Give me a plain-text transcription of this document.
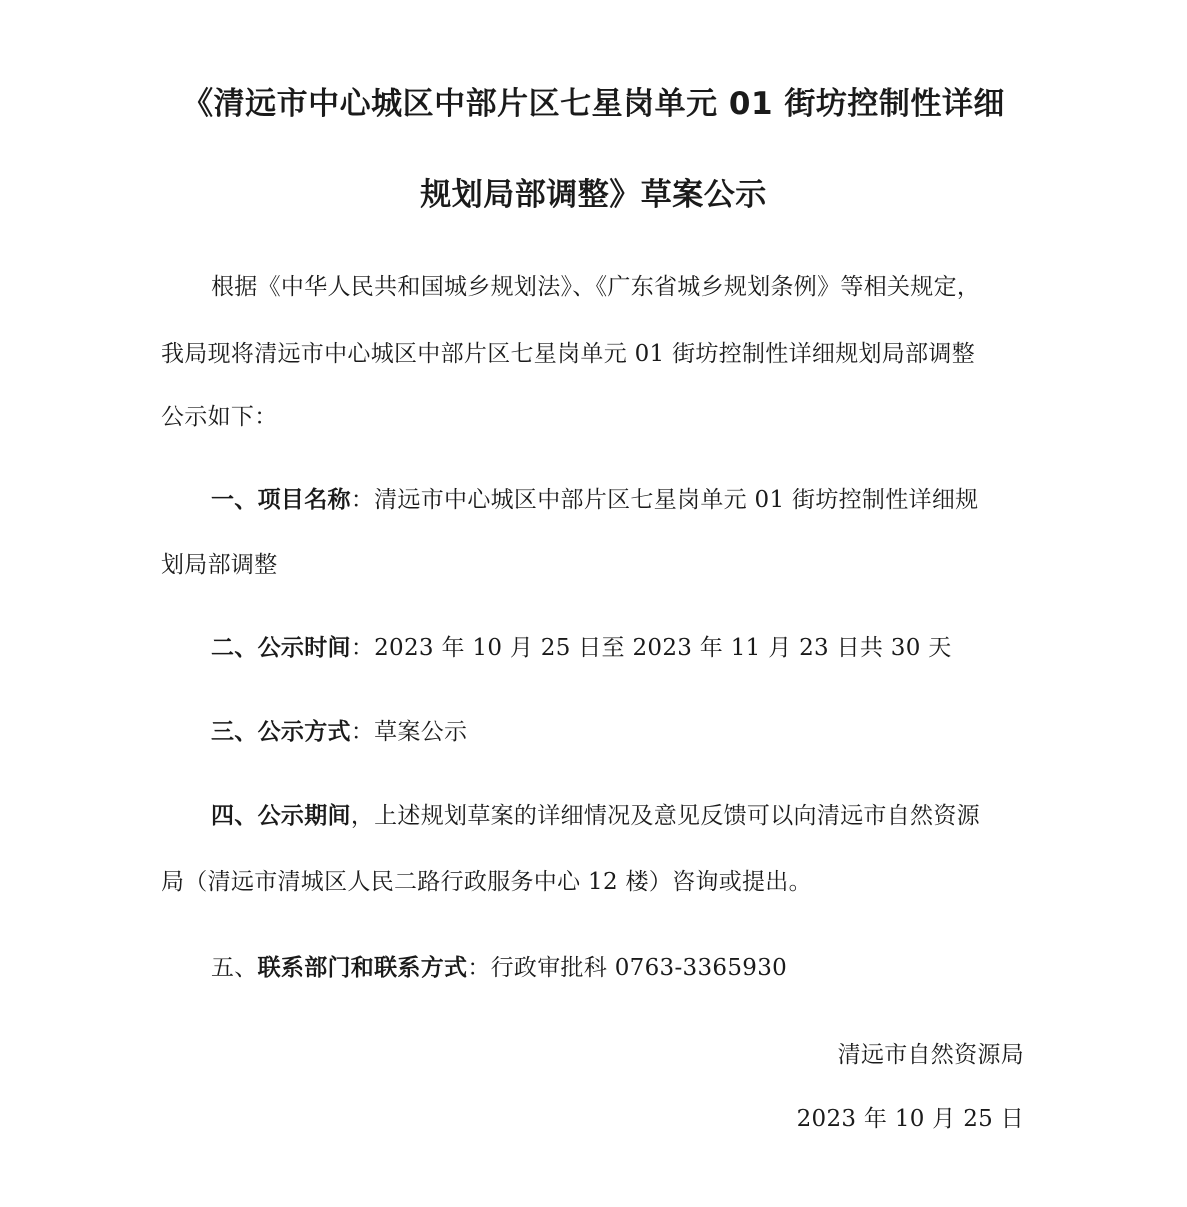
《清远市中心城区中部片区七星岗单元 01 街坊控制性详细
规划局部调整》草案公示
根据《中华人民共和国城乡规划法》、《广东省城乡规划条例》等相关规定，
我局现将清远市中心城区中部片区七星岗单元 01 街坊控制性详细规划局部调整
公示如下：
一、项目名称：清远市中心城区中部片区七星岗单元 01 街坊控制性详细规
划局部调整
二、公示时间：2023 年 10 月 25 日至 2023 年 11 月 23 日共 30 天
三、公示方式：草案公示
四、公示期间，上述规划草案的详细情况及意见反馈可以向清远市自然资源
局（清远市清城区人民二路行政服务中心 12 楼）咨询或提出。
五、联系部门和联系方式：行政审批科 0763-3365930
清远市自然资源局
2023 年 10 月 25 日
